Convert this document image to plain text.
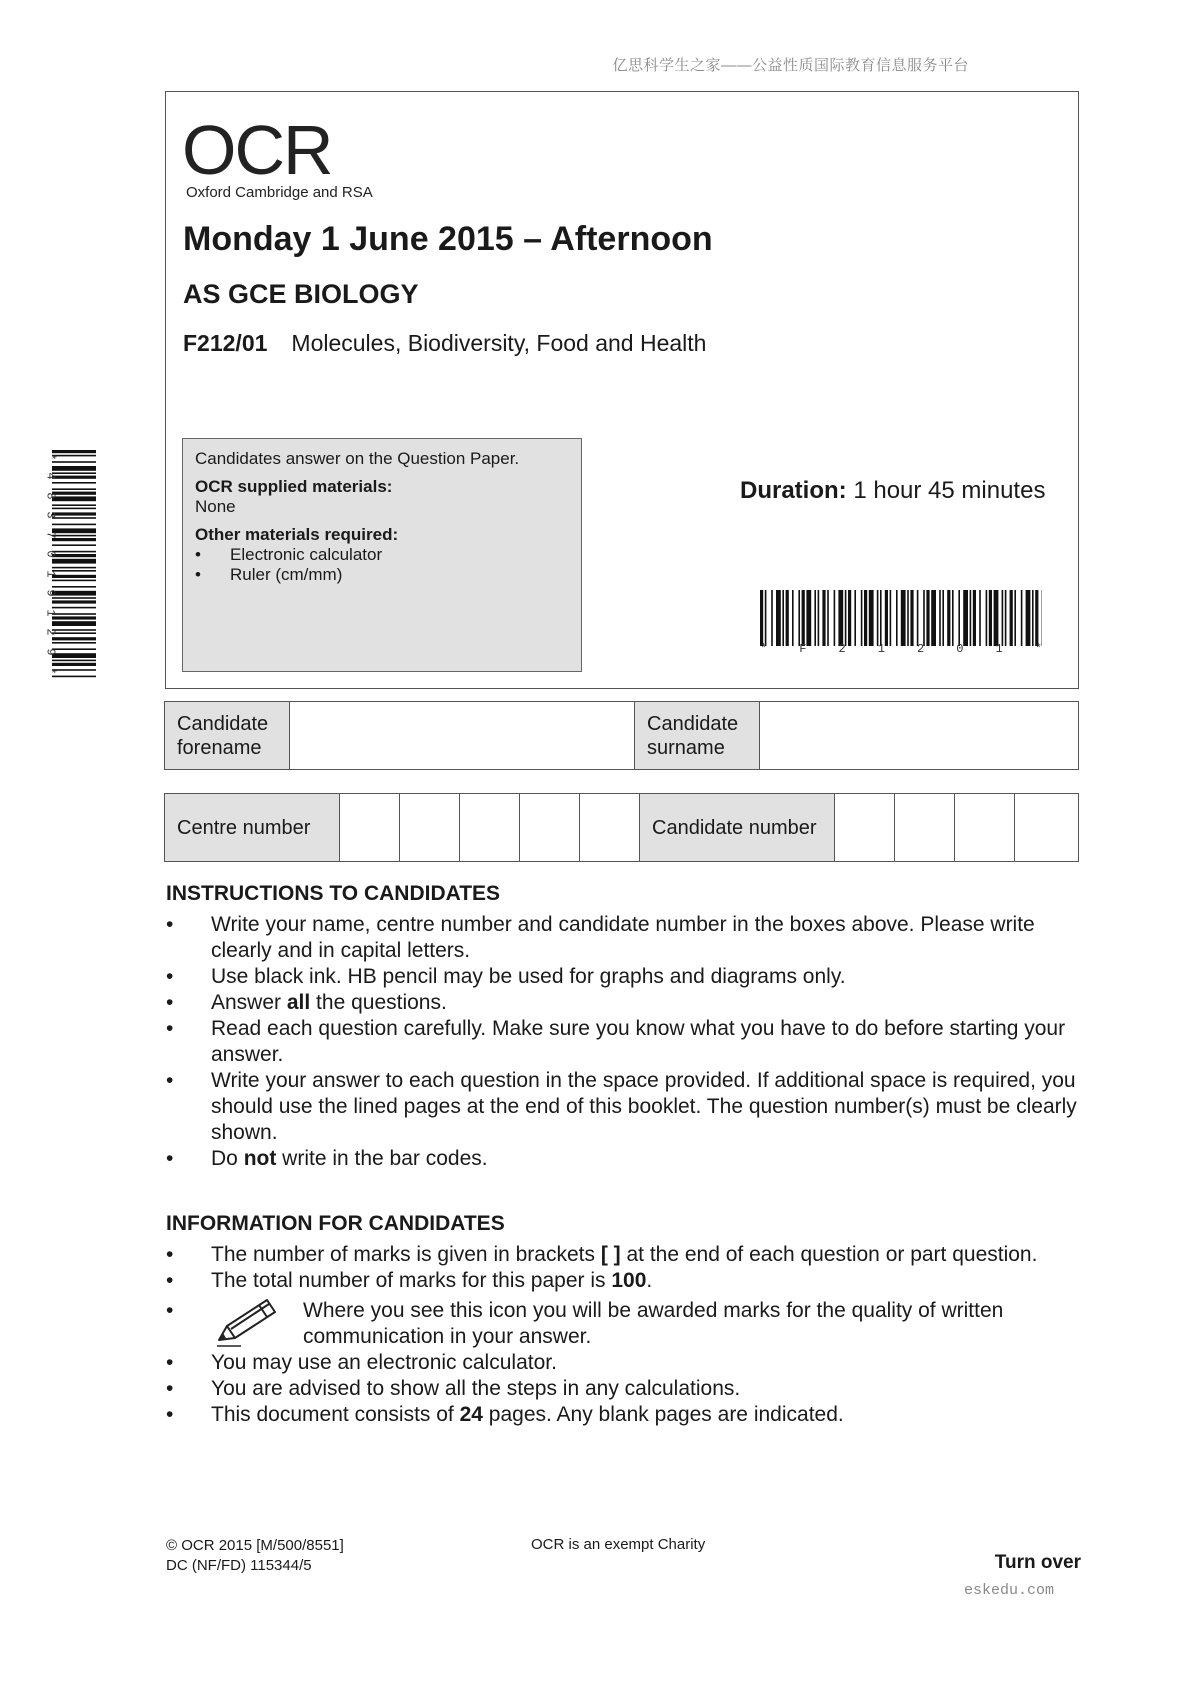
亿思科学生之家——公益性质国际教育信息服务平台
OCR
Oxford Cambridge and RSA
Monday 1 June 2015 – Afternoon
AS GCE BIOLOGY
F212/01 Molecules, Biodiversity, Food and Health
Candidates answer on the Question Paper.
OCR supplied materials:
None
Other materials required:
• Electronic calculator
• Ruler (cm/mm)
Duration: 1 hour 45 minutes
*	F	2	1	2	0	1	*
*
4
8
3
7
0
1
9
1
2
9
*
Candidate
forename

Candidate
surname

Centre number						Candidate number				
INSTRUCTIONS TO CANDIDATES
• Write your name, centre number and candidate number in the boxes above. Please write clearly and in capital letters.
• Use black ink. HB pencil may be used for graphs and diagrams only.
• Answer all the questions.
• Read each question carefully. Make sure you know what you have to do before starting your answer.
• Write your answer to each question in the space provided. If additional space is required, you should use the lined pages at the end of this booklet. The question number(s) must be clearly shown.
• Do not write in the bar codes.
INFORMATION FOR CANDIDATES
• The number of marks is given in brackets [ ] at the end of each question or part question.
• The total number of marks for this paper is 100.
• Where you see this icon you will be awarded marks for the quality of written communication in your answer.
• You may use an electronic calculator.
• You are advised to show all the steps in any calculations.
• This document consists of 24 pages. Any blank pages are indicated.
© OCR 2015 [M/500/8551]
DC (NF/FD) 115344/5
OCR is an exempt Charity
Turn over
eskedu.com
